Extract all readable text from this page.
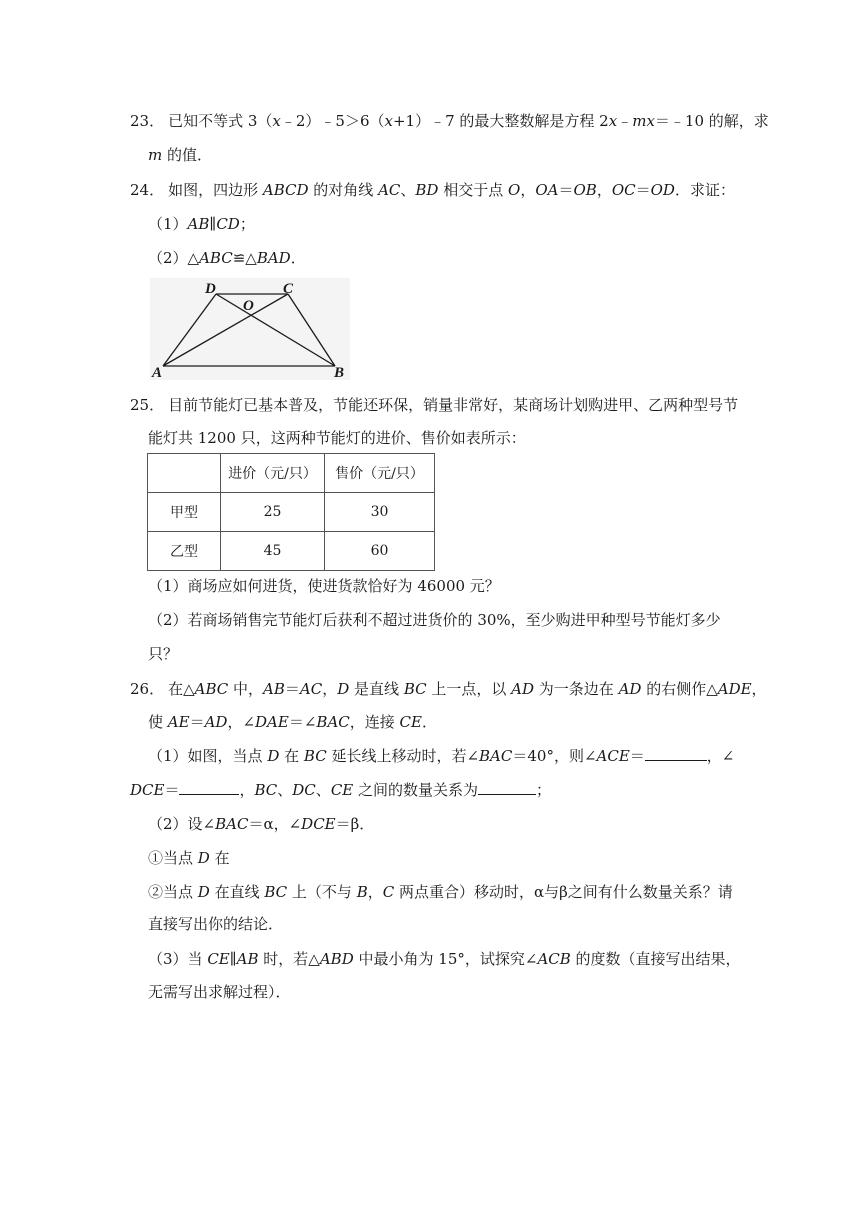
23． 已知不等式 3（x﹣2）﹣5＞6（x+1）﹣7 的最大整数解是方程 2x﹣mx＝﹣10 的解，求
m 的值．
24． 如图，四边形 ABCD 的对角线 AC、BD 相交于点 O，OA＝OB，OC＝OD．求证：
（1）AB∥CD；
（2）△ABC≌△BAD．
D
O
C
A	B
25． 目前节能灯已基本普及，节能还环保，销量非常好，某商场计划购进甲、乙两种型号节
能灯共 1200 只，这两种节能灯的进价、售价如表所示：
	进价（元/只）	售价（元/只）
甲型	25	30
乙型	45	60
（1）商场应如何进货，使进货款恰好为 46000 元？
（2）若商场销售完节能灯后获利不超过进货价的 30%，至少购进甲种型号节能灯多少
只？
26． 在△ABC 中，AB＝AC，D 是直线 BC 上一点，以 AD 为一条边在 AD 的右侧作△ADE，
使 AE＝AD，∠DAE＝∠BAC，连接 CE．
（1）如图，当点 D 在 BC 延长线上移动时，若∠BAC＝40°，则∠ACE＝	，∠
DCE＝	，BC、DC、CE 之间的数量关系为	；
（2）设∠BAC＝α，∠DCE＝β．
①当点 D 在
②当点 D 在直线 BC 上（不与 B，C 两点重合）移动时，α与β之间有什么数量关系？请
直接写出你的结论．
（3）当 CE∥AB 时，若△ABD 中最小角为 15°，试探究∠ACB 的度数（直接写出结果，
无需写出求解过程）．
